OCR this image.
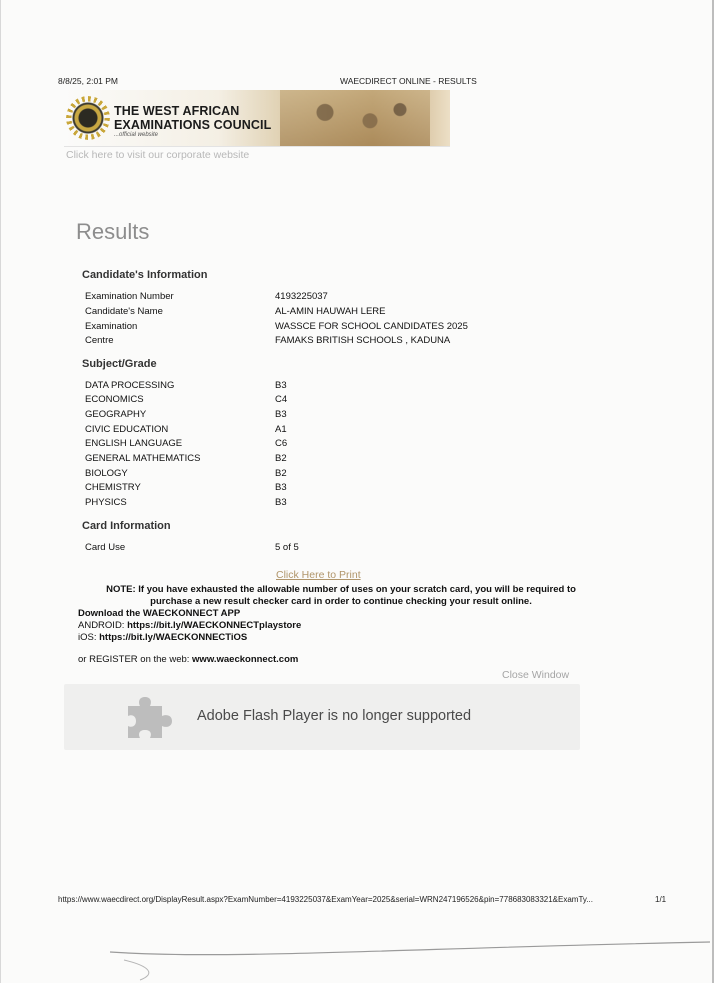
8/8/25, 2:01 PM	WAECDIRECT ONLINE - RESULTS
THE WEST AFRICAN
EXAMINATIONS COUNCIL
...official website
Click here to visit our corporate website
Results
Candidate's Information
Examination Number	4193225037
Candidate's Name	AL-AMIN HAUWAH LERE
Examination	WASSCE FOR SCHOOL CANDIDATES 2025
Centre	FAMAKS BRITISH SCHOOLS , KADUNA
Subject/Grade
DATA PROCESSING	B3
ECONOMICS	C4
GEOGRAPHY	B3
CIVIC EDUCATION	A1
ENGLISH LANGUAGE	C6
GENERAL MATHEMATICS	B2
BIOLOGY	B2
CHEMISTRY	B3
PHYSICS	B3
Card Information
Card Use	5 of 5
Click Here to Print
NOTE: If you have exhausted the allowable number of uses on your scratch card, you will be required to purchase a new result checker card in order to continue checking your result online.
Download the WAECKONNECT APP
ANDROID: https://bit.ly/WAECKONNECTplaystore
iOS: https://bit.ly/WAECKONNECTiOS
or REGISTER on the web: www.waeckonnect.com
Close Window
Adobe Flash Player is no longer supported
https://www.waecdirect.org/DisplayResult.aspx?ExamNumber=4193225037&ExamYear=2025&serial=WRN247196526&pin=778683083321&ExamTy...	1/1
